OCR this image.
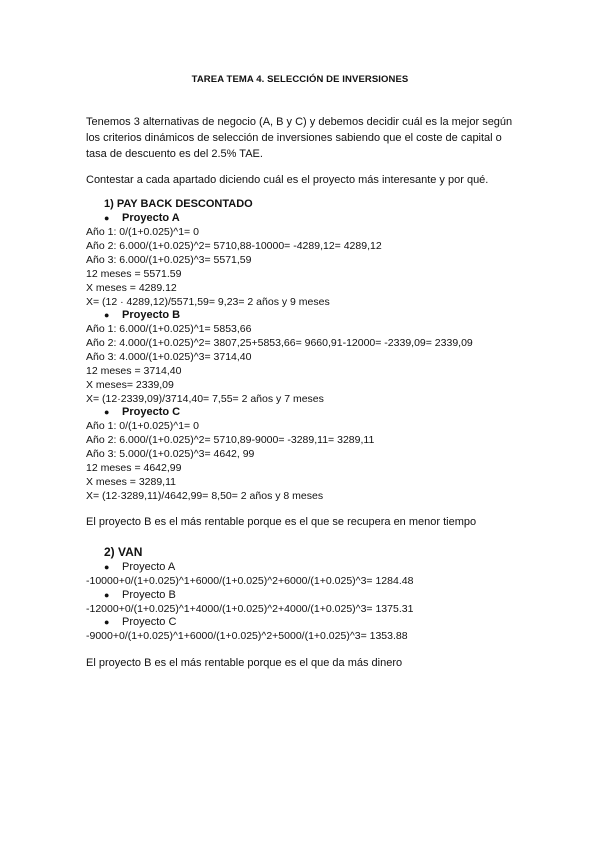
TAREA TEMA 4. SELECCIÓN DE INVERSIONES
Tenemos 3 alternativas de negocio (A, B y C) y debemos decidir cuál es la mejor según los criterios dinámicos de selección de inversiones sabiendo que el coste de capital o tasa de descuento es del 2.5% TAE.
Contestar a cada apartado diciendo cuál es el proyecto más interesante y por qué.
1) PAY BACK DESCONTADO
● Proyecto A
Año 1: 0/(1+0.025)^1= 0
Año 2: 6.000/(1+0.025)^2= 5710,88-10000= -4289,12= 4289,12
Año 3: 6.000/(1+0.025)^3= 5571,59
12 meses = 5571.59
X meses = 4289.12
X= (12 · 4289,12)/5571,59= 9,23= 2 años y 9 meses
● Proyecto B
Año 1: 6.000/(1+0.025)^1= 5853,66
Año 2: 4.000/(1+0.025)^2= 3807,25+5853,66= 9660,91-12000= -2339,09= 2339,09
Año 3: 4.000/(1+0.025)^3= 3714,40
12 meses = 3714,40
X meses= 2339,09
X= (12·2339,09)/3714,40= 7,55= 2 años y 7 meses
● Proyecto C
Año 1: 0/(1+0.025)^1= 0
Año 2: 6.000/(1+0.025)^2= 5710,89-9000= -3289,11= 3289,11
Año 3: 5.000/(1+0.025)^3= 4642, 99
12 meses = 4642,99
X meses = 3289,11
X= (12·3289,11)/4642,99= 8,50= 2 años y 8 meses
El proyecto B es el más rentable porque es el que se recupera en menor tiempo
2) VAN
● Proyecto A
-10000+0/(1+0.025)^1+6000/(1+0.025)^2+6000/(1+0.025)^3= 1284.48
● Proyecto B
-12000+0/(1+0.025)^1+4000/(1+0.025)^2+4000/(1+0.025)^3= 1375.31
● Proyecto C
-9000+0/(1+0.025)^1+6000/(1+0.025)^2+5000/(1+0.025)^3= 1353.88
El proyecto B es el más rentable porque es el que da más dinero
